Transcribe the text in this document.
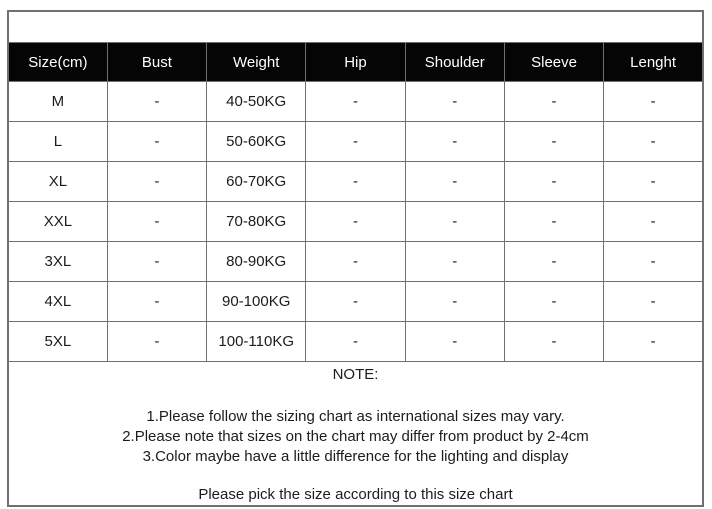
Size(cm)	Bust	Weight	Hip	Shoulder	Sleeve	Lenght
M	-	40-50KG	-	-	-	-
L	-	50-60KG	-	-	-	-
XL	-	60-70KG	-	-	-	-
XXL	-	70-80KG	-	-	-	-
3XL	-	80-90KG	-	-	-	-
4XL	-	90-100KG	-	-	-	-
5XL	-	100-110KG	-	-	-	-

NOTE:
1.Please follow the sizing chart as international sizes may vary.
2.Please note that sizes on the chart may differ from product by 2-4cm
3.Color maybe have a little difference for the lighting and display
Please pick the size according to this size chart						
